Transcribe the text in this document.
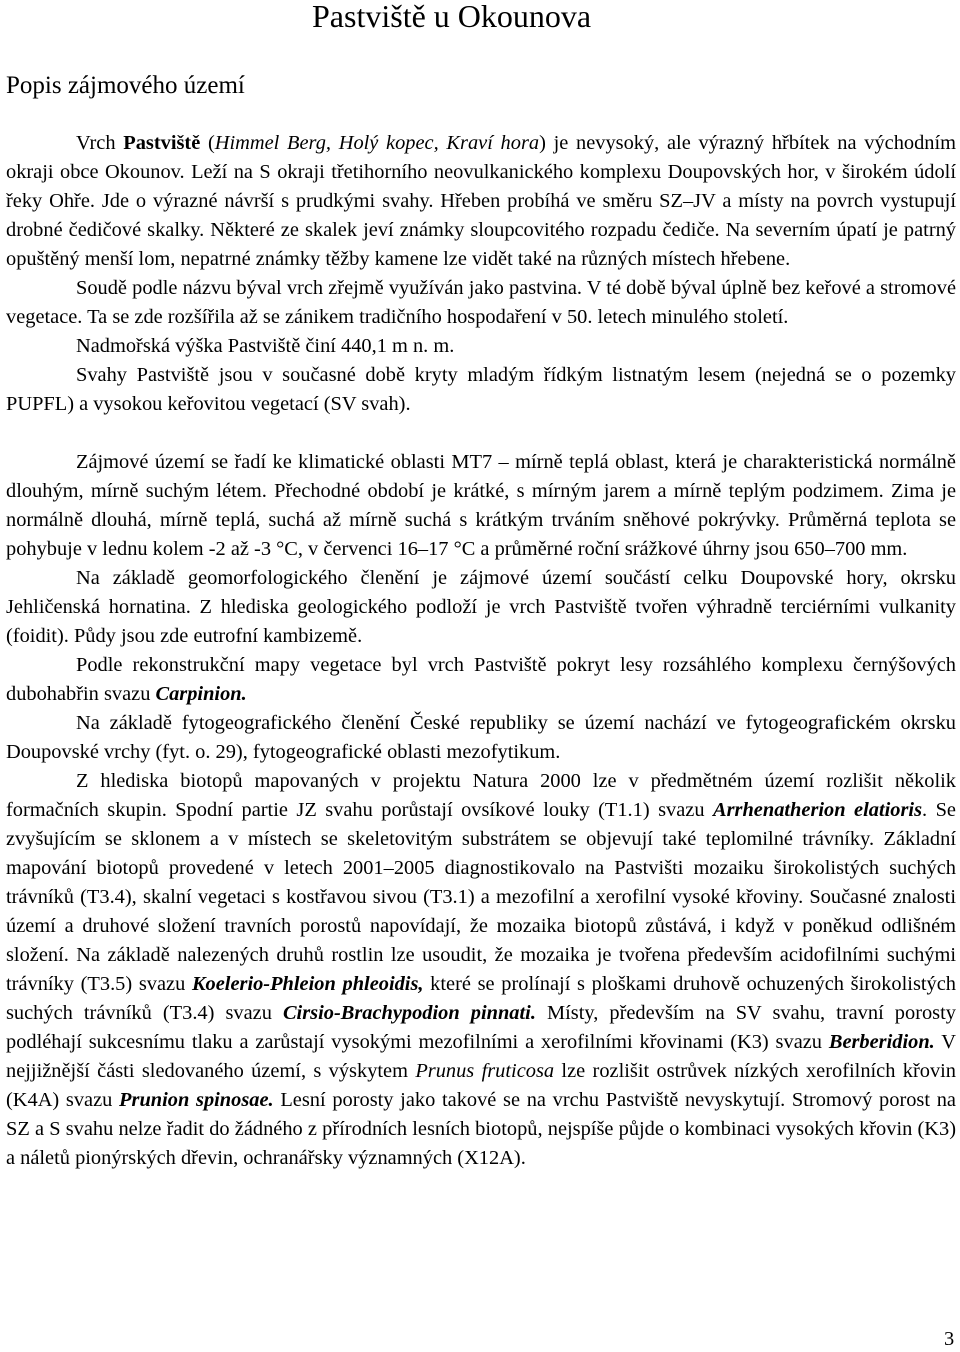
Pastviště u Okounova
Popis zájmového území

Vrch Pastviště (Himmel Berg, Holý kopec, Kraví hora) je nevysoký, ale výrazný hřbítek na východním okraji obce Okounov. Leží na S okraji třetihorního neovulkanického komplexu Doupovských hor, v širokém údolí řeky Ohře. Jde o výrazné návrší s prudkými svahy. Hřeben probíhá ve směru SZ–JV a místy na povrch vystupují drobné čedičové skalky. Některé ze skalek jeví známky sloupcovitého rozpadu čediče. Na severním úpatí je patrný opuštěný menší lom, nepatrné známky těžby kamene lze vidět také na různých místech hřebene.

Soudě podle názvu býval vrch zřejmě využíván jako pastvina. V té době býval úplně bez keřové a stromové vegetace. Ta se zde rozšířila až se zánikem tradičního hospodaření v 50. letech minulého století.

Nadmořská výška Pastviště činí 440,1 m n. m.

Svahy Pastviště jsou v současné době kryty mladým řídkým listnatým lesem (nejedná se o pozemky PUPFL) a vysokou keřovitou vegetací (SV svah).

Zájmové území se řadí ke klimatické oblasti MT7 – mírně teplá oblast, která je charakteristická normálně dlouhým, mírně suchým létem. Přechodné období je krátké, s mírným jarem a mírně teplým podzimem. Zima je normálně dlouhá, mírně teplá, suchá až mírně suchá s krátkým trváním sněhové pokrývky. Průměrná teplota se pohybuje v lednu kolem -2 až -3 °C, v červenci 16–17 °C a průměrné roční srážkové úhrny jsou 650–700 mm.

Na základě geomorfologického členění je zájmové území součástí celku Doupovské hory, okrsku Jehličenská hornatina. Z hlediska geologického podloží je vrch Pastviště tvořen výhradně terciérními vulkanity (foidit). Půdy jsou zde eutrofní kambizemě.

Podle rekonstrukční mapy vegetace byl vrch Pastviště pokryt lesy rozsáhlého komplexu černýšových dubohabřin svazu Carpinion.

Na základě fytogeografického členění České republiky se území nachází ve fytogeografickém okrsku Doupovské vrchy (fyt. o. 29), fytogeografické oblasti mezofytikum.

Z hlediska biotopů mapovaných v projektu Natura 2000 lze v předmětném území rozlišit několik formačních skupin. Spodní partie JZ svahu porůstají ovsíkové louky (T1.1) svazu Arrhenatherion elatioris. Se zvyšujícím se sklonem a v místech se skeletovitým substrátem se objevují také teplomilné trávníky. Základní mapování biotopů provedené v letech 2001–2005 diagnostikovalo na Pastvišti mozaiku širokolistých suchých trávníků (T3.4), skalní vegetaci s kostřavou sivou (T3.1) a mezofilní a xerofilní vysoké křoviny. Současné znalosti území a druhové složení travních porostů napovídají, že mozaika biotopů zůstává, i když v poněkud odlišném složení. Na základě nalezených druhů rostlin lze usoudit, že mozaika je tvořena především acidofilními suchými trávníky (T3.5) svazu Koelerio-Phleion phleoidis, které se prolínají s ploškami druhově ochuzených širokolistých suchých trávníků (T3.4) svazu Cirsio-Brachypodion pinnati. Místy, především na SV svahu, travní porosty podléhají sukcesnímu tlaku a zarůstají vysokými mezofilními a xerofilními křovinami (K3) svazu Berberidion. V nejjižnější části sledovaného území, s výskytem Prunus fruticosa lze rozlišit ostrůvek nízkých xerofilních křovin (K4A) svazu Prunion spinosae. Lesní porosty jako takové se na vrchu Pastviště nevyskytují. Stromový porost na SZ a S svahu nelze řadit do žádného z přírodních lesních biotopů, nejspíše půjde o kombinaci vysokých křovin (K3) a náletů pionýrských dřevin, ochranářsky významných (X12A).

3
